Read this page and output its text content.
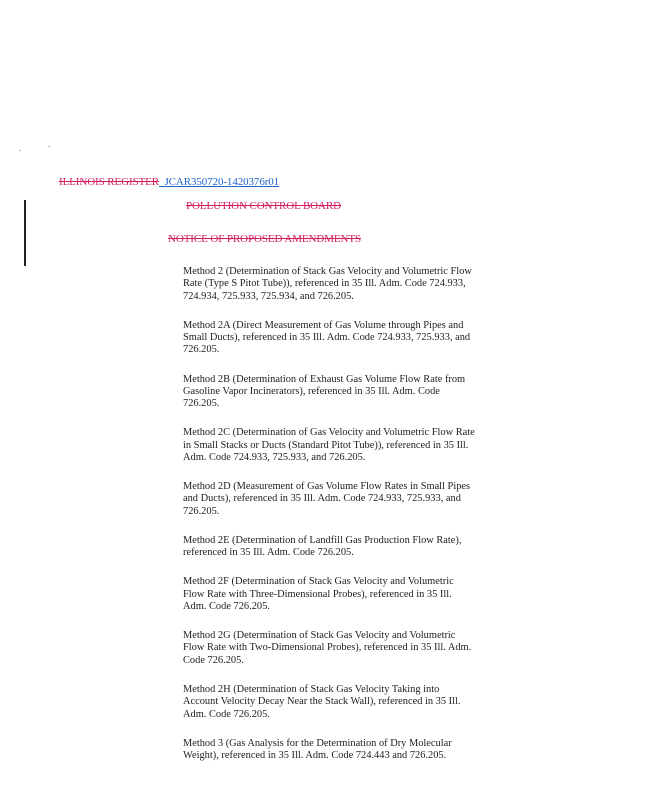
ILLINOIS REGISTER_JCAR350720-1420376r01
POLLUTION CONTROL BOARD
NOTICE OF PROPOSED AMENDMENTS
Method 2 (Determination of Stack Gas Velocity and Volumetric Flow Rate (Type S Pitot Tube)), referenced in 35 Ill. Adm. Code 724.933, 724.934, 725.933, 725.934, and 726.205.
Method 2A (Direct Measurement of Gas Volume through Pipes and Small Ducts), referenced in 35 Ill. Adm. Code 724.933, 725.933, and 726.205.
Method 2B (Determination of Exhaust Gas Volume Flow Rate from Gasoline Vapor Incinerators), referenced in 35 Ill. Adm. Code 726.205.
Method 2C (Determination of Gas Velocity and Volumetric Flow Rate in Small Stacks or Ducts (Standard Pitot Tube)), referenced in 35 Ill. Adm. Code 724.933, 725.933, and 726.205.
Method 2D (Measurement of Gas Volume Flow Rates in Small Pipes and Ducts), referenced in 35 Ill. Adm. Code 724.933, 725.933, and 726.205.
Method 2E (Determination of Landfill Gas Production Flow Rate), referenced in 35 Ill. Adm. Code 726.205.
Method 2F (Determination of Stack Gas Velocity and Volumetric Flow Rate with Three-Dimensional Probes), referenced in 35 Ill. Adm. Code 726.205.
Method 2G (Determination of Stack Gas Velocity and Volumetric Flow Rate with Two-Dimensional Probes), referenced in 35 Ill. Adm. Code 726.205.
Method 2H (Determination of Stack Gas Velocity Taking into Account Velocity Decay Near the Stack Wall), referenced in 35 Ill. Adm. Code 726.205.
Method 3 (Gas Analysis for the Determination of Dry Molecular Weight), referenced in 35 Ill. Adm. Code 724.443 and 726.205.
